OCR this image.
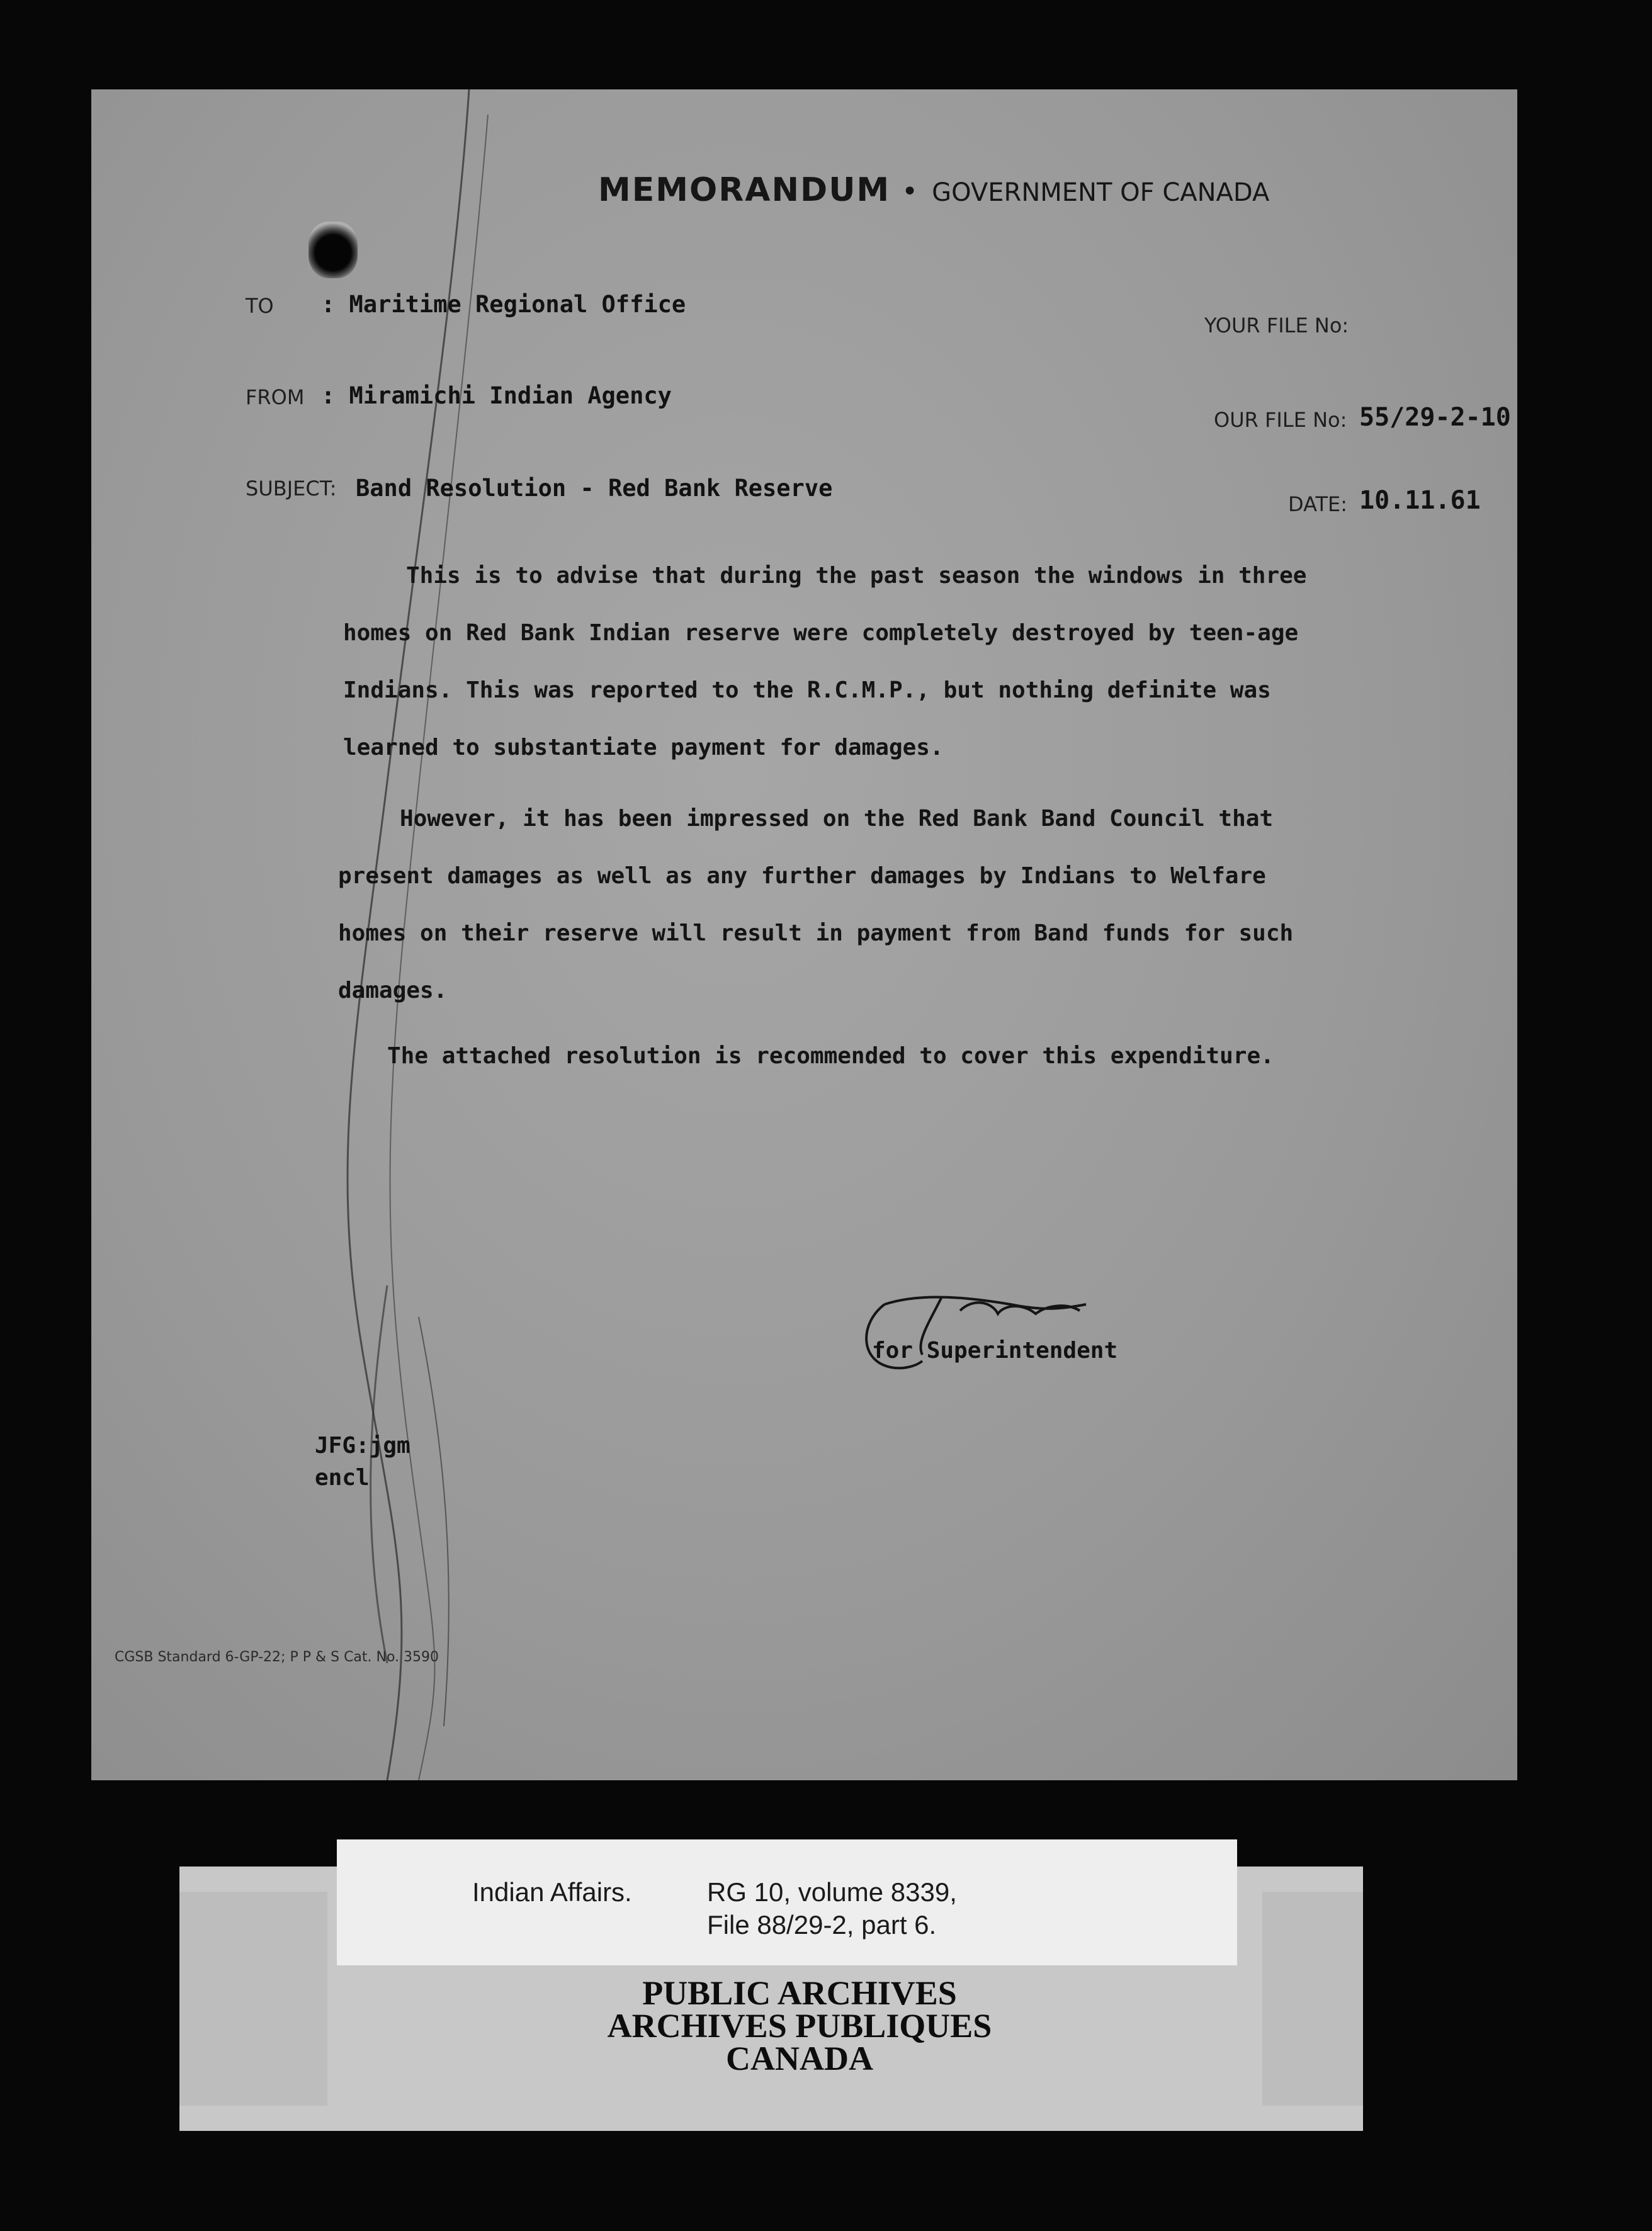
MEMORANDUM • GOVERNMENT OF CANADA
TO : Maritime Regional Office
FROM : Miramichi Indian Agency
SUBJECT: Band Resolution - Red Bank Reserve
YOUR FILE No:
OUR FILE No: 55/29-2-10
DATE: 10.11.61
This is to advise that during the past season the windows in three
homes on Red Bank Indian reserve were completely destroyed by teen-age
Indians. This was reported to the R.C.M.P., but nothing definite was
learned to substantiate payment for damages.
However, it has been impressed on the Red Bank Band Council that
present damages as well as any further damages by Indians to Welfare
homes on their reserve will result in payment from Band funds for such
damages.
The attached resolution is recommended to cover this expenditure.
for Superintendent
JFG:jgm
encl
CGSB Standard 6-GP-22; P P & S Cat. No. 3590
Indian Affairs.	RG 10, volume 8339,
File 88/29-2, part 6.
PUBLIC ARCHIVES
ARCHIVES PUBLIQUES
CANADA
